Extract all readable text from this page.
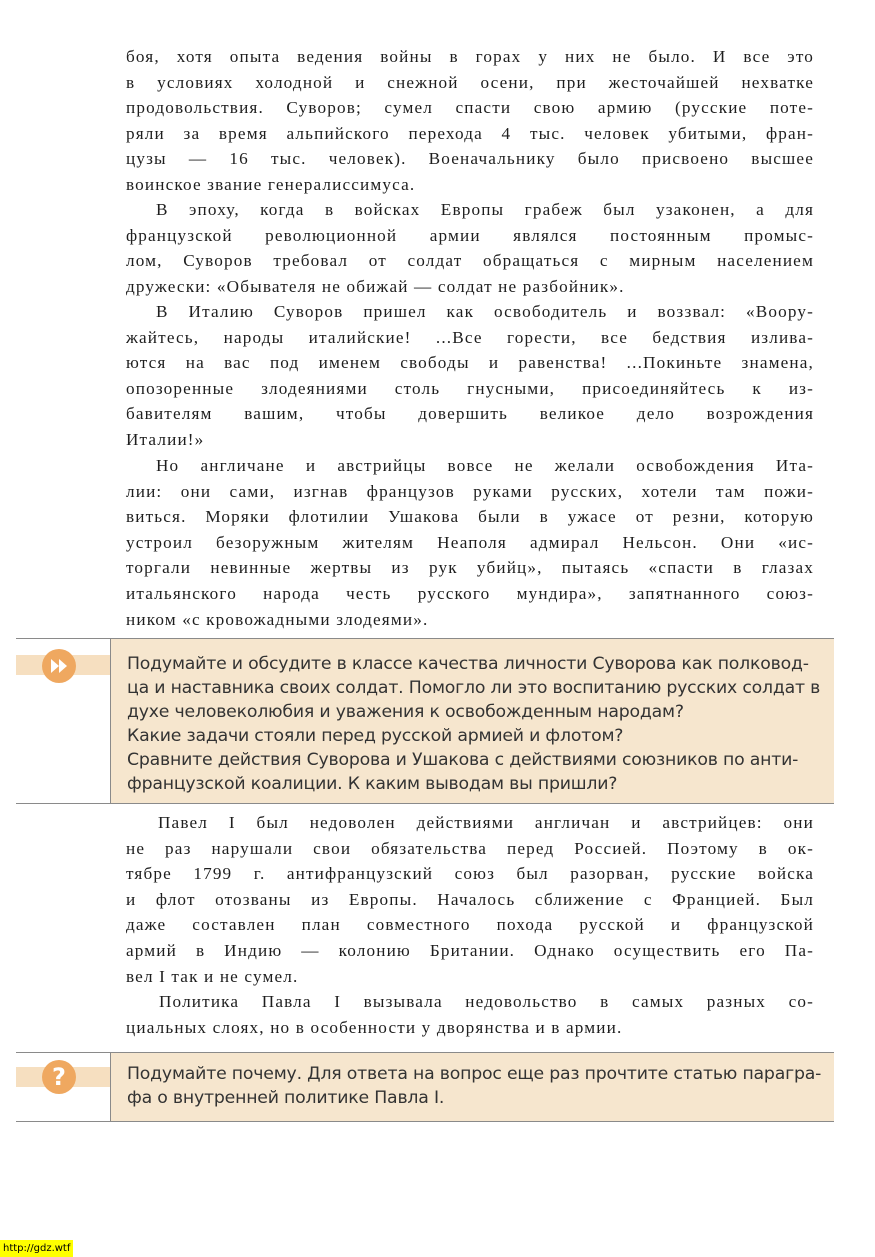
боя, хотя опыта ведения войны в горах у них не было. И все это
в условиях холодной и снежной осени, при жесточайшей нехватке
продовольствия. Суворов; сумел спасти свою армию (русские поте-
ряли за время альпийского перехода 4 тыс. человек убитыми, фран-
цузы — 16 тыс. человек). Военачальнику было присвоено высшее
воинское звание генералиссимуса.
В эпоху, когда в войсках Европы грабеж был узаконен, а для
французской революционной армии являлся постоянным промыс-
лом, Суворов требовал от солдат обращаться с мирным населением
дружески: «Обывателя не обижай — солдат не разбойник».
В Италию Суворов пришел как освободитель и воззвал: «Воору-
жайтесь, народы италийские! ...Все горести, все бедствия излива-
ются на вас под именем свободы и равенства! ...Покиньте знамена,
опозоренные злодеяниями столь гнусными, присоединяйтесь к из-
бавителям вашим, чтобы довершить великое дело возрождения
Италии!»
Но англичане и австрийцы вовсе не желали освобождения Ита-
лии: они сами, изгнав французов руками русских, хотели там пожи-
виться. Моряки флотилии Ушакова были в ужасе от резни, которую
устроил безоружным жителям Неаполя адмирал Нельсон. Они «ис-
торгали невинные жертвы из рук убийц», пытаясь «спасти в глазах
итальянского народа честь русского мундира», запятнанного союз-
ником «с кровожадными злодеями».
Подумайте и обсудите в классе качества личности Суворова как полковод-
ца и наставника своих солдат. Помогло ли это воспитанию русских солдат в
духе человеколюбия и уважения к освобожденным народам?
Какие задачи стояли перед русской армией и флотом?
Сравните действия Суворова и Ушакова с действиями союзников по анти-
французской коалиции. К каким выводам вы пришли?
Павел I был недоволен действиями англичан и австрийцев: они
не раз нарушали свои обязательства перед Россией. Поэтому в ок-
тябре 1799 г. антифранцузский союз был разорван, русские войска
и флот отозваны из Европы. Началось сближение с Францией. Был
даже составлен план совместного похода русской и французской
армий в Индию — колонию Британии. Однако осуществить его Па-
вел I так и не сумел.
Политика Павла I вызывала недовольство в самых разных со-
циальных слоях, но в особенности у дворянства и в армии.
?	Подумайте почему. Для ответа на вопрос еще раз прочтите статью парагра-
фа о внутренней политике Павла I.
http://gdz.wtf
